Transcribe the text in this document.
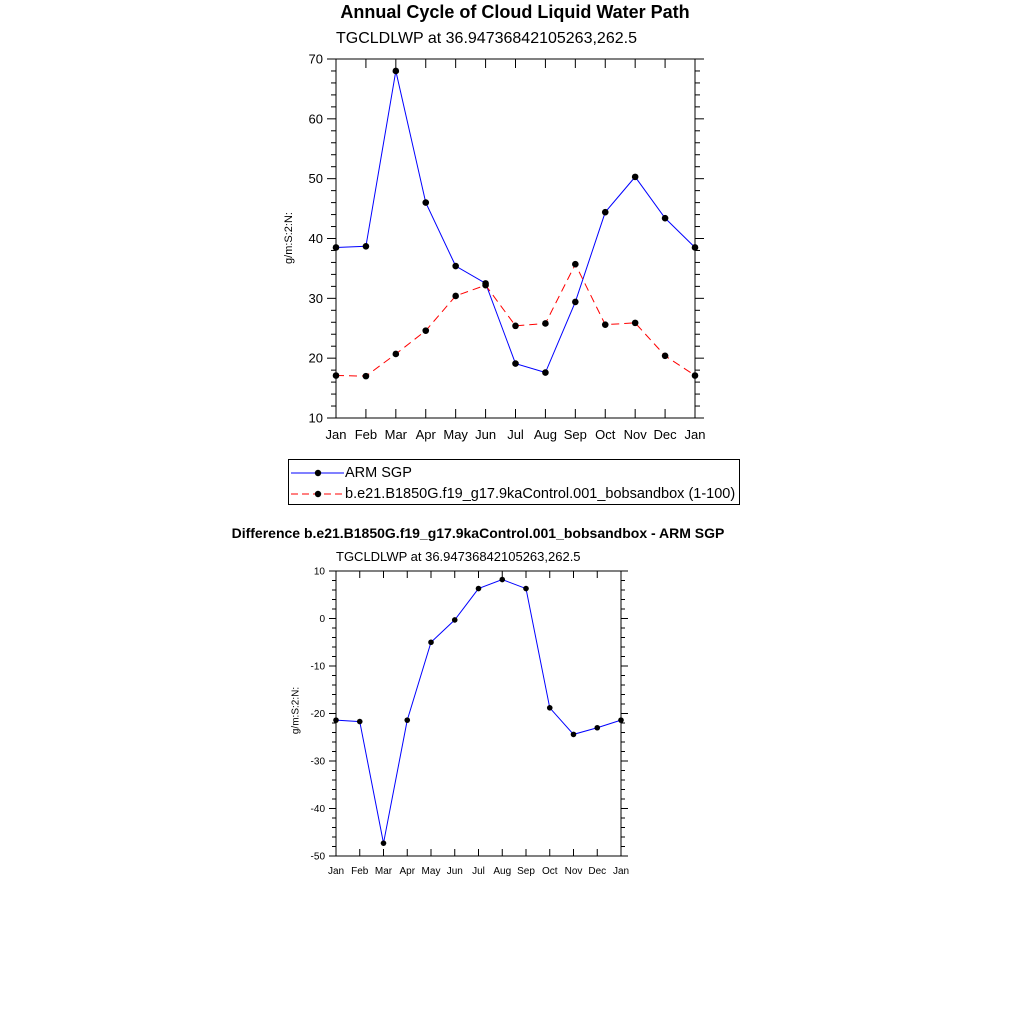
Annual Cycle of Cloud Liquid Water Path
TGCLDLWP at 36.94736842105263,262.5
g/m:S:2:N:
Jan Feb Mar Apr May Jun Jul Aug Sep Oct Nov Dec Jan
10
20
30
40
50
60
70
Jan Feb Mar Apr May Jun Jul Aug Sep Oct Nov Dec Jan
-50
-40
-30
-20
-10
0
10
ARM SGP
b.e21.B1850G.f19_g17.9kaControl.001_bobsandbox (1-100)
Difference b.e21.B1850G.f19_g17.9kaControl.001_bobsandbox - ARM SGP
TGCLDLWP at 36.94736842105263,262.5
g/m:S:2:N:
